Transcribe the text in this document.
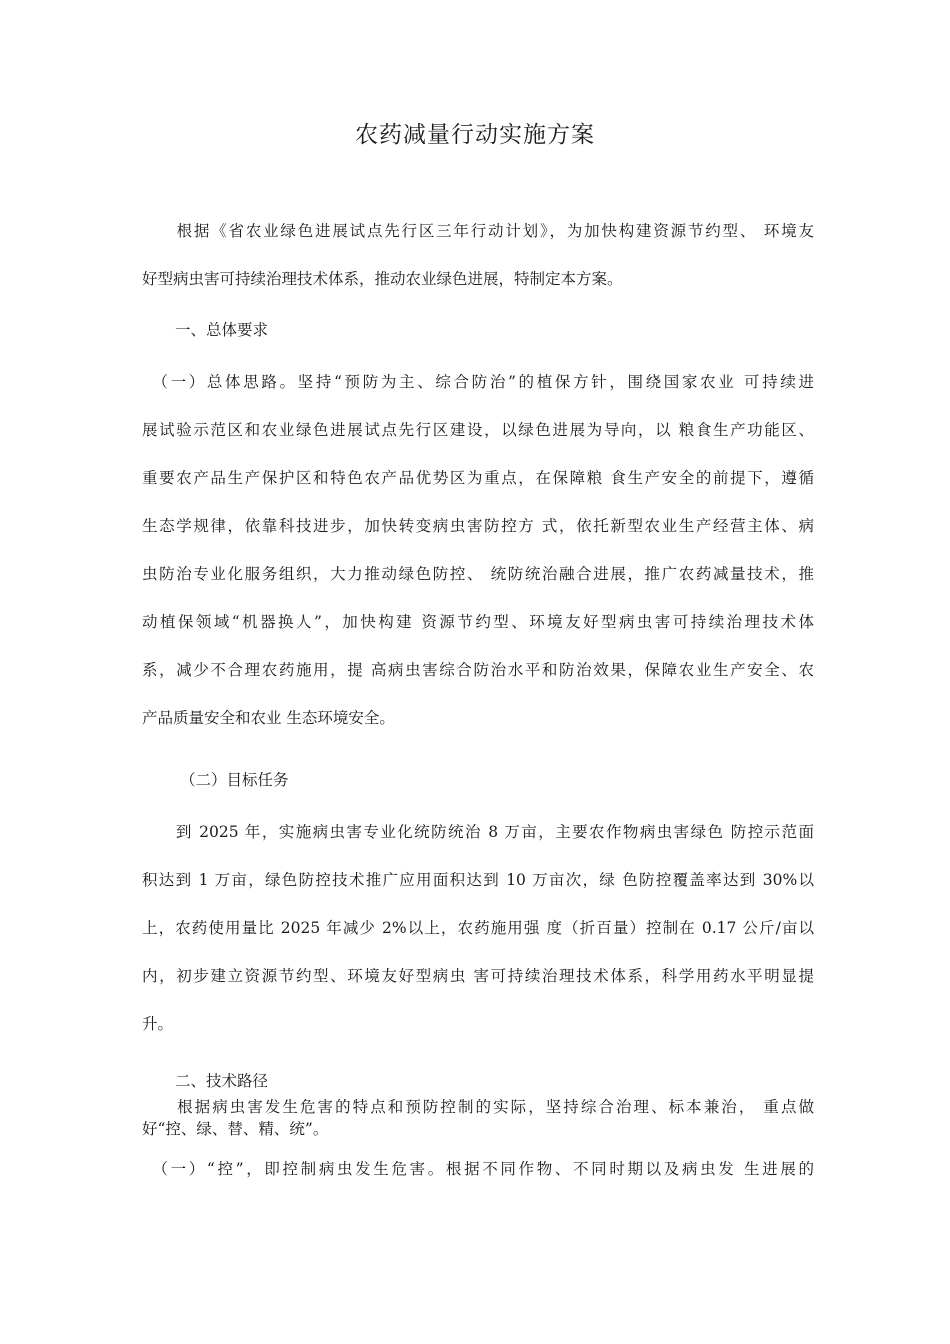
农药减量行动实施方案
　　根据《省农业绿色进展试点先行区三年行动计划》，为加快构建资源节约型、 环境友
好型病虫害可持续治理技术体系，推动农业绿色进展，特制定本方案。
一、总体要求
　（一）总体思路。坚持“预防为主、综合防治”的植保方针，围绕国家农业 可持续进
展试验示范区和农业绿色进展试点先行区建设，以绿色进展为导向，以 粮食生产功能区、
重要农产品生产保护区和特色农产品优势区为重点，在保障粮 食生产安全的前提下，遵循
生态学规律，依靠科技进步，加快转变病虫害防控方 式，依托新型农业生产经营主体、病
虫防治专业化服务组织，大力推动绿色防控、 统防统治融合进展，推广农药减量技术，推
动植保领域“机器换人”，加快构建 资源节约型、环境友好型病虫害可持续治理技术体
系，减少不合理农药施用，提 高病虫害综合防治水平和防治效果，保障农业生产安全、农
产品质量安全和农业 生态环境安全。
（二）目标任务
　　到 2025 年，实施病虫害专业化统防统治 8 万亩，主要农作物病虫害绿色 防控示范面
积达到 1 万亩，绿色防控技术推广应用面积达到 10 万亩次，绿 色防控覆盖率达到 30%以
上，农药使用量比 2025 年减少 2%以上，农药施用强 度（折百量）控制在 0.17 公斤/亩以
内，初步建立资源节约型、环境友好型病虫 害可持续治理技术体系，科学用药水平明显提
升。
二、技术路径
　　根据病虫害发生危害的特点和预防控制的实际，坚持综合治理、标本兼治， 重点做
好“控、绿、替、精、统”。
　（一）“控”，即控制病虫发生危害。根据不同作物、不同时期以及病虫发 生进展的
